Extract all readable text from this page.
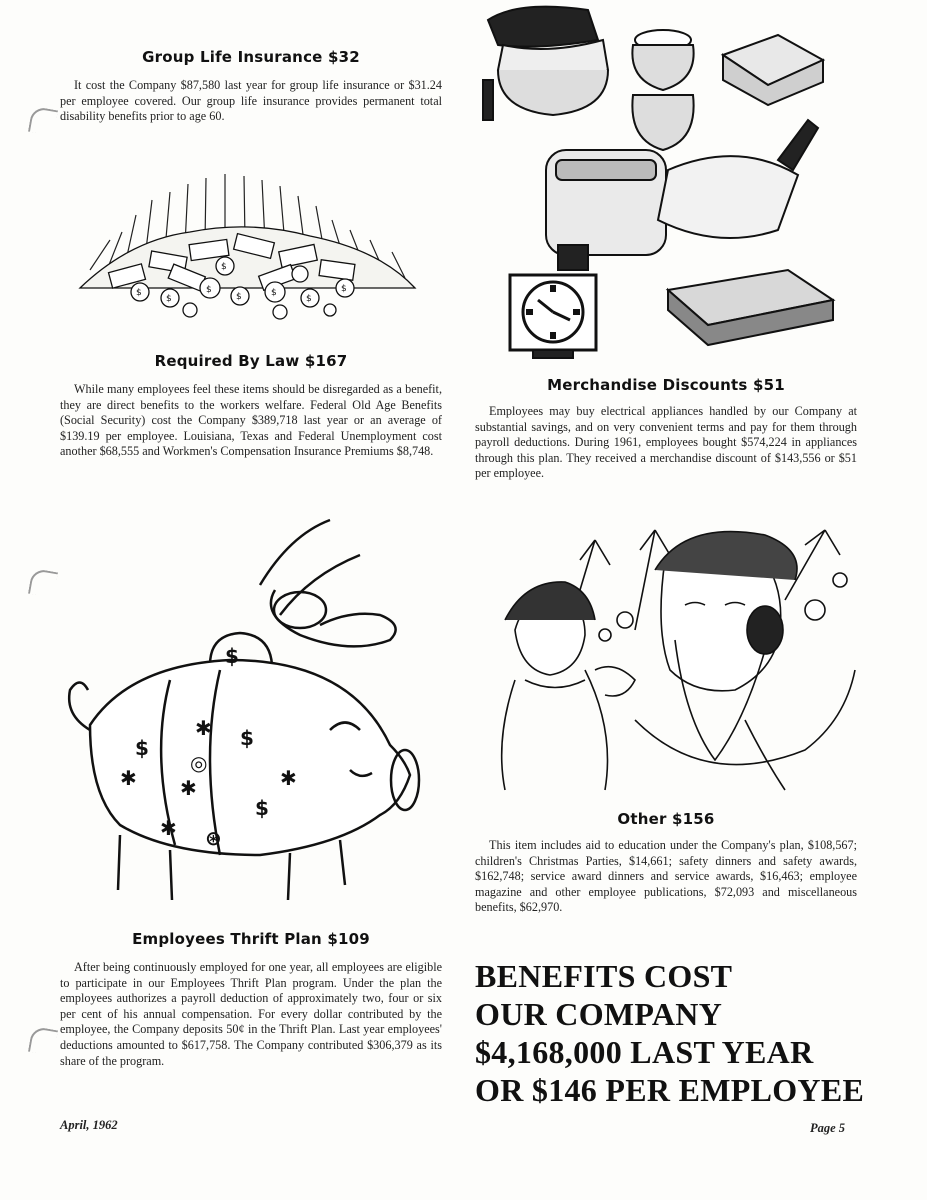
Group Life Insurance $32

It cost the Company $87,580 last year for group life insurance or $31.24 per employee covered. Our group life insurance provides permanent total disability benefits prior to age 60.

$
$
$
$	$
$
$
$
Required By Law $167

While many employees feel these items should be disregarded as a benefit, they are direct benefits to the workers welfare. Federal Old Age Benefits (Social Security) cost the Company $389,718 last year or an average of $139.19 per employee. Louisiana, Texas and Federal Unemployment cost another $68,555 and Workmen's Compensation Insurance Premiums $8,748.

Merchandise Discounts $51

Employees may buy electrical appliances handled by our Company at substantial savings, and on very convenient terms and pay for them through payroll deductions. During 1961, employees bought $574,224 in appliances through this plan. They received a merchandise discount of $143,556 or $51 per employee.

$
$	$
$
✱
✱
✱
✱
✱
⊛
◎
Employees Thrift Plan $109

After being continuously employed for one year, all employees are eligible to participate in our Employees Thrift Plan program. Under the plan the employees authorizes a payroll deduction of approximately two, four or six per cent of his annual compensation. For every dollar contributed by the employee, the Company deposits 50¢ in the Thrift Plan. Last year employees' deductions amounted to $617,758. The Company contributed $306,379 as its share of the program.

Other $156

This item includes aid to education under the Company's plan, $108,567; children's Christmas Parties, $14,661; safety dinners and safety awards, $162,748; service award dinners and service awards, $16,463; employee magazine and other employee publications, $72,093 and miscellaneous benefits, $62,970.

BENEFITS COST

OUR COMPANY

$4,168,000 LAST YEAR

OR $146 PER EMPLOYEE

April, 1962	Page 5
